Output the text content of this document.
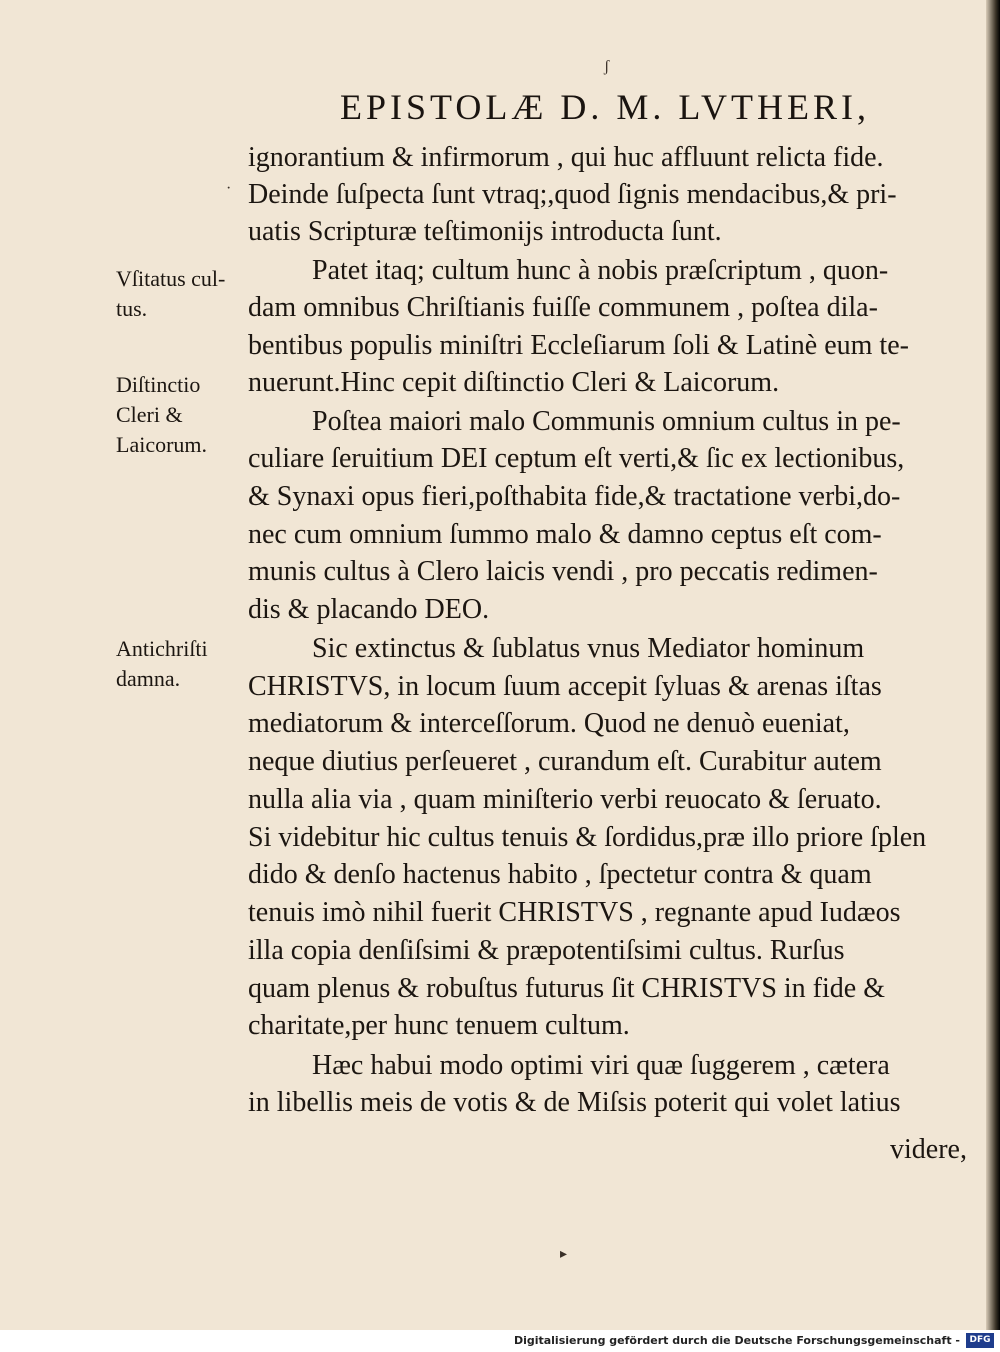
ʃ
·
▸
EPISTOLÆ D. M. LVTHERI,
Vſitatus cul-
tus.
Diſtinctio
Cleri &
Laicorum.
Antichriſti
damna.
ignorantium & infirmorum , qui huc affluunt relicta fide.
Deinde ſuſpecta ſunt vtraq;,quod ſignis mendacibus,& pri-
uatis Scripturæ teſtimonijs introducta ſunt.
Patet itaq; cultum hunc à nobis præſcriptum , quon-
dam omnibus Chriſtianis fuiſſe communem , poſtea dila-
bentibus populis miniſtri Eccleſiarum ſoli & Latinè eum te-
nuerunt.Hinc cepit diſtinctio Cleri & Laicorum.
Poſtea maiori malo Communis omnium cultus in pe-
culiare ſeruitium DEI ceptum eſt verti,& ſic ex lectionibus,
& Synaxi opus fieri,poſthabita fide,& tractatione verbi,do-
nec cum omnium ſummo malo & damno ceptus eſt com-
munis cultus à Clero laicis vendi , pro peccatis redimen-
dis & placando DEO.
Sic extinctus & ſublatus vnus Mediator hominum
CHRISTVS, in locum ſuum accepit ſyluas & arenas iſtas
mediatorum & interceſſorum. Quod ne denuò eueniat,
neque diutius perſeueret , curandum eſt. Curabitur autem
nulla alia via , quam miniſterio verbi reuocato & ſeruato.
Si videbitur hic cultus tenuis & ſordidus,præ illo priore ſplen
dido & denſo hactenus habito , ſpectetur contra & quam
tenuis imò nihil fuerit CHRISTVS , regnante apud Iudæos
illa copia denſiſsimi & præpotentiſsimi cultus. Rurſus
quam plenus & robuſtus futurus ſit CHRISTVS in fide &
charitate,per hunc tenuem cultum.
Hæc habui modo optimi viri quæ ſuggerem , cætera
in libellis meis de votis & de Miſsis poterit qui volet latius
videre,
Digitalisierung gefördert durch die Deutsche Forschungsgemeinschaft -	DFG
